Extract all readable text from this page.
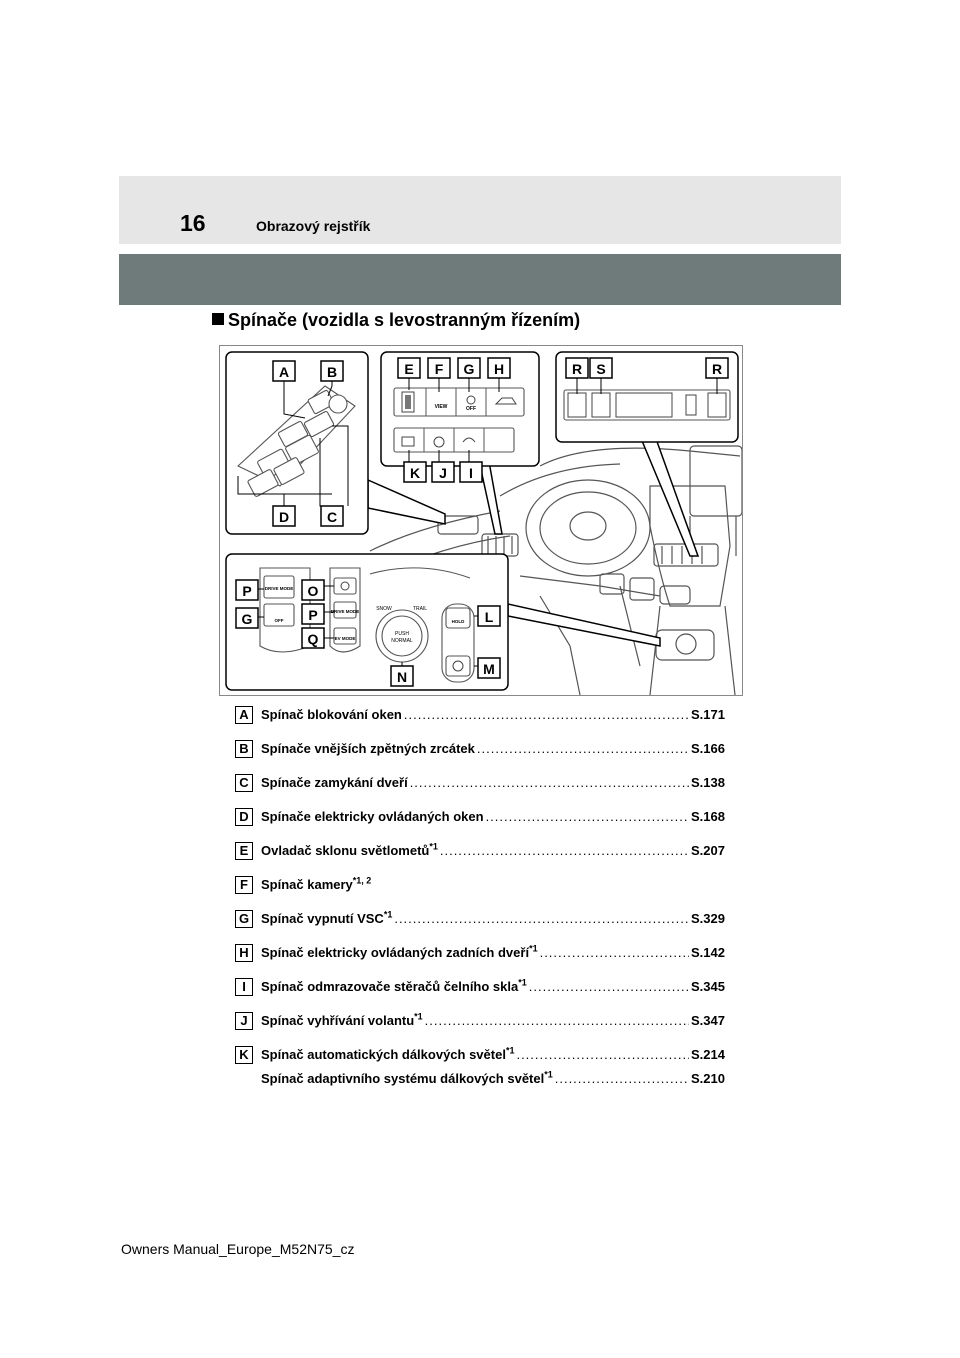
16	Obrazový rejstřík
Spínače (vozidla s levostranným řízením)
A	B
D	C
VIEW	OFF
E F G H
K J I
R S	R
DRIVE MODE
OFF
DRIVE MODE
EV MODE
SNOW	TRAIL
PUSH
NORMAL
HOLD
P
G
O
P
Q
L
M
N
A Spínač blokování oken .....	S.171
B Spínače vnějších zpětných zrcátek .....	S.166
C Spínače zamykání dveří .....	S.138
D Spínače elektricky ovládaných oken .....	S.168
E Ovladač sklonu světlometů$^{*1}$ .....	S.207
F	Spínač kamery$^{*1, 2}$
G Spínač vypnutí VSC$^{*1}$ .....	S.329
H Spínač elektricky ovládaných zadních dveří$^{*1}$ .....	S.142
I	Spínač odmrazovače stěračů čelního skla$^{*1}$ .....	S.345
J	Spínač vyhřívání volantu$^{*1}$ .....	S.347
K Spínač automatických dálkových světel$^{*1}$ .....	S.214
Spínač adaptivního systému dálkových světel$^{*1}$ .....	S.210
Owners Manual_Europe_M52N75_cz
